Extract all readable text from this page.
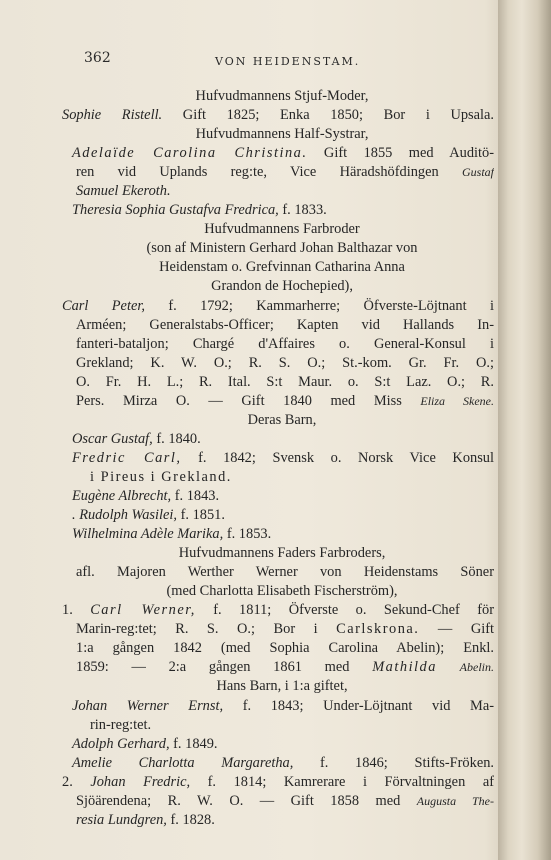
362	VON HEIDENSTAM.
Hufvudmannens Stjuf-Moder,
Sophie Ristell. Gift 1825; Enka 1850; Bor i Upsala.
Hufvudmannens Half-Systrar,
Adelaïde Carolina Christina. Gift 1855 med Auditö-
ren vid Uplands reg:te, Vice Häradshöfdingen Gustaf
Samuel Ekeroth.
Theresia Sophia Gustafva Fredrica, f. 1833.
Hufvudmannens Farbroder
(son af Ministern Gerhard Johan Balthazar von
Heidenstam o. Grefvinnan Catharina Anna
Grandon de Hochepied),
Carl Peter, f. 1792; Kammarherre; Öfverste-Löjtnant i
Arméen; Generalstabs-Officer; Kapten vid Hallands In-
fanteri-bataljon; Chargé d'Affaires o. General-Konsul i
Grekland; K. W. O.; R. S. O.; St.-kom. Gr. Fr. O.;
O. Fr. H. L.; R. Ital. S:t Maur. o. S:t Laz. O.; R.
Pers. Mirza O. — Gift 1840 med Miss Eliza Skene.
Deras Barn,
Oscar Gustaf, f. 1840.
Fredric Carl, f. 1842; Svensk o. Norsk Vice Konsul
i Pireus i Grekland.
Eugène Albrecht, f. 1843.
. Rudolph Wasilei, f. 1851.
Wilhelmina Adèle Marika, f. 1853.
Hufvudmannens Faders Farbroders,
afl. Majoren Werther Werner von Heidenstams Söner
(med Charlotta Elisabeth Fischerström),
1. Carl Werner, f. 1811; Öfverste o. Sekund-Chef för
Marin-reg:tet; R. S. O.; Bor i Carlskrona. — Gift
1:a gången 1842 (med Sophia Carolina Abelin); Enkl.
1859: — 2:a gången 1861 med Mathilda Abelin.
Hans Barn, i 1:a giftet,
Johan Werner Ernst, f. 1843; Under-Löjtnant vid Ma-
rin-reg:tet.
Adolph Gerhard, f. 1849.
Amelie Charlotta Margaretha, f. 1846; Stifts-Fröken.
2. Johan Fredric, f. 1814; Kamrerare i Förvaltningen af
Sjöärendena; R. W. O. — Gift 1858 med Augusta The-
resia Lundgren, f. 1828.
